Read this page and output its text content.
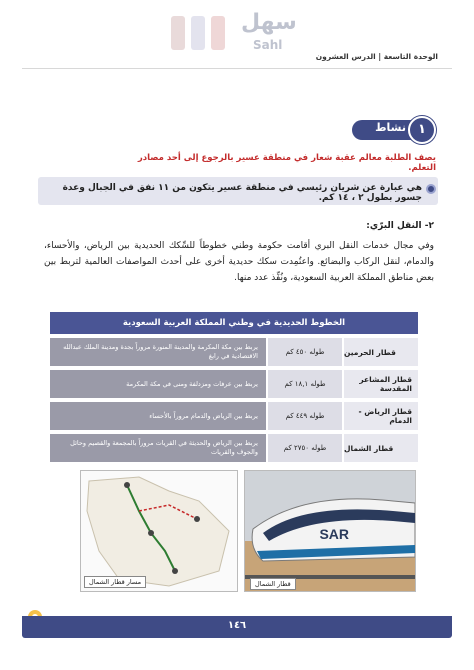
سهل
Sahl
الوحدة التاسعة | الدرس العشرون
نشاط ١
يصف الطلبة معالم عقبة شعار في منطقة عسير بالرجوع إلى أحد مصادر التعلم.
هي عبارة عن شريان رئيسي في منطقة عسير يتكون من ١١ نفق في الجبال وعدة جسور بطول ٢ ، ١٤ كم.
٢- النقل البرّي:

وفي مجال خدمات النقل البري أقامت حكومة وطني خطوطاً للسِّكك الحديدية بين الرياض، والأحساء، والدمام، لنقل الركاب والبضائع. واعتُمِدت سكك حديدية أخرى على أحدث المواصفات العالمية لتربط بين بعض مناطق المملكة العربية السعودية، ونُفِّذ عدد منها.

الخطوط الحديدية في وطني المملكة العربية السعودية
قطار الحرمين
طوله ٤٥٠ كم
يربط بين مكة المكرمة والمدينة المنورة مروراً بجدة ومدينة الملك عبدالله الاقتصادية في رابغ
قطار المشاعر المقدسة
طوله ١٨,١ كم
يربط بين عرفات ومزدلفة ومنى في مكة المكرمة
قطار الرياض - الدمام
طوله ٤٤٩ كم
يربط بين الرياض والدمام مروراً بالأحساء
قطار الشمال
طوله ٢٧٥٠ كم
يربط بين الرياض والحديثة في القريات مروراً بالمجمعة والقصيم وحائل والجوف والقريات
مسار قطار الشمال
SAR
قطار الشمال
١٤٦
